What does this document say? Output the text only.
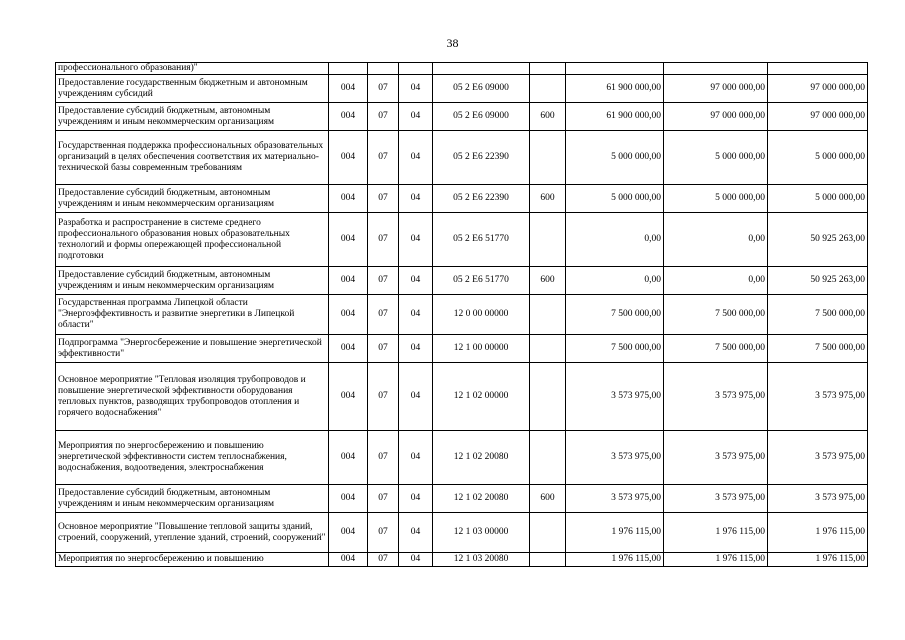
38
профессионального образования)"								
Предоставление государственным бюджетным и автономным учреждениям субсидий	004	07	04	05 2 Е6 09000		61 900 000,00	97 000 000,00	97 000 000,00
Предоставление субсидий бюджетным, автономным учреждениям и иным некоммерческим организациям	004	07	04	05 2 Е6 09000	600	61 900 000,00	97 000 000,00	97 000 000,00
Государственная поддержка профессиональных образовательных организаций в целях обеспечения соответствия их материально-технической базы современным требованиям	004	07	04	05 2 Е6 22390		5 000 000,00	5 000 000,00	5 000 000,00
Предоставление субсидий бюджетным, автономным учреждениям и иным некоммерческим организациям	004	07	04	05 2 Е6 22390	600	5 000 000,00	5 000 000,00	5 000 000,00
Разработка и распространение в системе среднего профессионального образования новых образовательных технологий и формы опережающей профессиональной подготовки	004	07	04	05 2 Е6 51770		0,00	0,00	50 925 263,00
Предоставление субсидий бюджетным, автономным учреждениям и иным некоммерческим организациям	004	07	04	05 2 Е6 51770	600	0,00	0,00	50 925 263,00
Государственная программа Липецкой области "Энергоэффективность и развитие энергетики в Липецкой области"	004	07	04	12 0 00 00000		7 500 000,00	7 500 000,00	7 500 000,00
Подпрограмма "Энергосбережение и повышение энергетической эффективности"	004	07	04	12 1 00 00000		7 500 000,00	7 500 000,00	7 500 000,00
Основное мероприятие "Тепловая изоляция трубопроводов и повышение энергетической эффективности оборудования тепловых пунктов, разводящих трубопроводов отопления и горячего водоснабжения"	004	07	04	12 1 02 00000		3 573 975,00	3 573 975,00	3 573 975,00
Мероприятия по энергосбережению и повышению энергетической эффективности систем теплоснабжения, водоснабжения, водоотведения, электроснабжения	004	07	04	12 1 02 20080		3 573 975,00	3 573 975,00	3 573 975,00
Предоставление субсидий бюджетным, автономным учреждениям и иным некоммерческим организациям	004	07	04	12 1 02 20080	600	3 573 975,00	3 573 975,00	3 573 975,00
Основное мероприятие "Повышение тепловой защиты зданий, строений, сооружений, утепление зданий, строений, сооружений"	004	07	04	12 1 03 00000		1 976 115,00	1 976 115,00	1 976 115,00
Мероприятия по энергосбережению и повышению	004	07	04	12 1 03 20080		1 976 115,00	1 976 115,00	1 976 115,00
